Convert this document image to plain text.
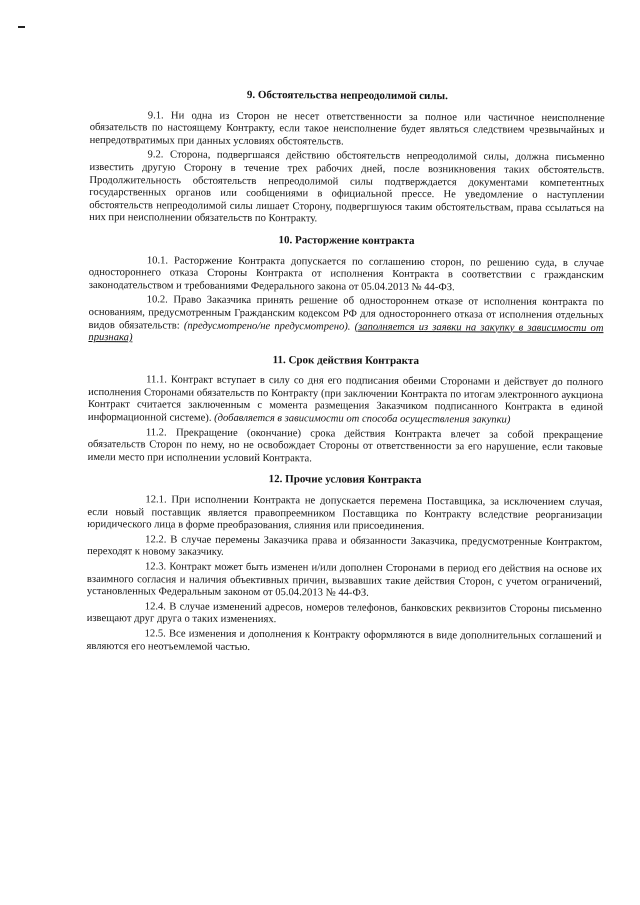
9. Обстоятельства непреодолимой силы.

9.1. Ни одна из Сторон не несет ответственности за полное или частичное неисполнение обязательств по настоящему Контракту, если такое неисполнение будет являться следствием чрезвычайных и непредотвратимых при данных условиях обстоятельств.

9.2. Сторона, подвергшаяся действию обстоятельств непреодолимой силы, должна письменно известить другую Сторону в течение трех рабочих дней, после возникновения таких обстоятельств. Продолжительность обстоятельств непреодолимой силы подтверждается документами компетентных государственных органов или сообщениями в официальной прессе. Не уведомление о наступлении обстоятельств непреодолимой силы лишает Сторону, подвергшуюся таким обстоятельствам, права ссылаться на них при неисполнении обязательств по Контракту.

10. Расторжение контракта

10.1. Расторжение Контракта допускается по соглашению сторон, по решению суда, в случае одностороннего отказа Стороны Контракта от исполнения Контракта в соответствии с гражданским законодательством и требованиями Федерального закона от 05.04.2013 № 44-ФЗ.

10.2. Право Заказчика принять решение об одностороннем отказе от исполнения контракта по основаниям, предусмотренным Гражданским кодексом РФ для одностороннего отказа от исполнения отдельных видов обязательств: (предусмотрено/не предусмотрено). (заполняется из заявки на закупку в зависимости от признака)

11. Срок действия Контракта

11.1. Контракт вступает в силу со дня его подписания обеими Сторонами и действует до полного исполнения Сторонами обязательств по Контракту (при заключении Контракта по итогам электронного аукциона Контракт считается заключенным с момента размещения Заказчиком подписанного Контракта в единой информационной системе). (добавляется в зависимости от способа осуществления закупки)

11.2. Прекращение (окончание) срока действия Контракта влечет за собой прекращение обязательств Сторон по нему, но не освобождает Стороны от ответственности за его нарушение, если таковые имели место при исполнении условий Контракта.

12. Прочие условия Контракта

12.1. При исполнении Контракта не допускается перемена Поставщика, за исключением случая, если новый поставщик является правопреемником Поставщика по Контракту вследствие реорганизации юридического лица в форме преобразования, слияния или присоединения.

12.2. В случае перемены Заказчика права и обязанности Заказчика, предусмотренные Контрактом, переходят к новому заказчику.

12.3. Контракт может быть изменен и/или дополнен Сторонами в период его действия на основе их взаимного согласия и наличия объективных причин, вызвавших такие действия Сторон, с учетом ограничений, установленных Федеральным законом от 05.04.2013 № 44-ФЗ.

12.4. В случае изменений адресов, номеров телефонов, банковских реквизитов Стороны письменно извещают друг друга о таких изменениях.

12.5. Все изменения и дополнения к Контракту оформляются в виде дополнительных соглашений и являются его неотъемлемой частью.
